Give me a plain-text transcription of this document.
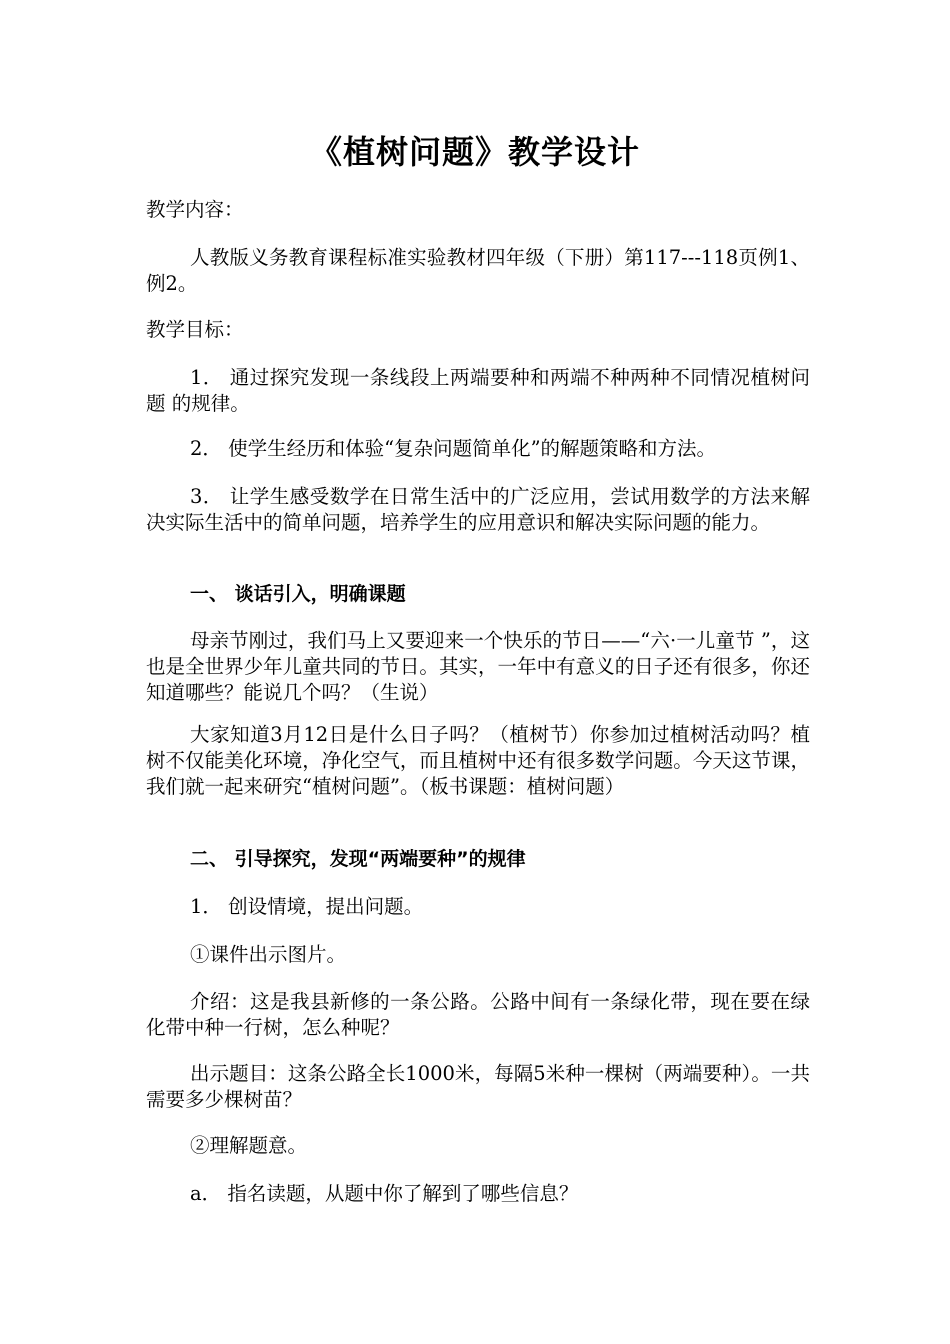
《植树问题》教学设计

教学内容：

人教版义务教育课程标准实验教材四年级（下册）第117---118页例1、例2。

教学目标：

1． 通过探究发现一条线段上两端要种和两端不种两种不同情况植树问题 的规律。

2． 使学生经历和体验“复杂问题简单化”的解题策略和方法。

3． 让学生感受数学在日常生活中的广泛应用，尝试用数学的方法来解决实际生活中的简单问题，培养学生的应用意识和解决实际问题的能力。

一、 谈话引入，明确课题

母亲节刚过，我们马上又要迎来一个快乐的节日——“六·一儿童节 ”，这也是全世界少年儿童共同的节日。其实，一年中有意义的日子还有很多，你还知道哪些？能说几个吗？（生说）

大家知道3月12日是什么日子吗？（植树节）你参加过植树活动吗？植树不仅能美化环境，净化空气，而且植树中还有很多数学问题。今天这节课，我们就一起来研究“植树问题”。（板书课题：植树问题）

二、 引导探究，发现“两端要种”的规律

1． 创设情境，提出问题。

①课件出示图片。

介绍：这是我县新修的一条公路。公路中间有一条绿化带，现在要在绿化带中种一行树，怎么种呢？

出示题目：这条公路全长1000米，每隔5米种一棵树（两端要种）。一共需要多少棵树苗？

②理解题意。

a． 指名读题，从题中你了解到了哪些信息？
